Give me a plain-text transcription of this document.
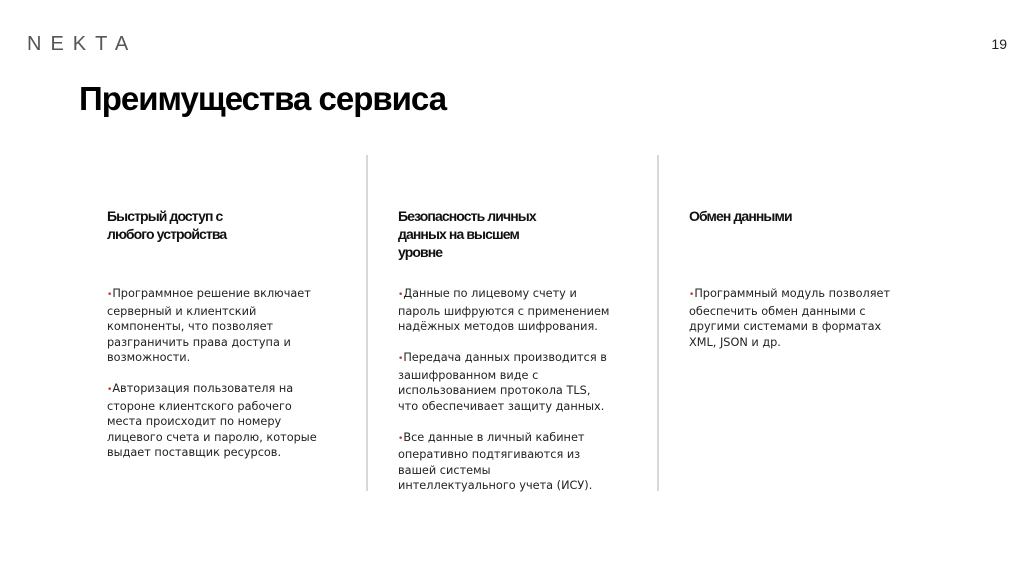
NEKTA	19
Преимущества сервиса
Быстрый доступ с
любого устройства
•Программное решение включает
серверный и клиентский
компоненты, что позволяет
разграничить права доступа и
возможности.
•Авторизация пользователя на
стороне клиентского рабочего
места происходит по номеру
лицевого счета и паролю, которые
выдает поставщик ресурсов.
Безопасность личных
данных на высшем
уровне
•Данные по лицевому счету и
пароль шифруются с применением
надёжных методов шифрования.
•Передача данных производится в
зашифрованном виде с
использованием протокола TLS,
что обеспечивает защиту данных.
•Все данные в личный кабинет
оперативно подтягиваются из
вашей системы
интеллектуального учета (ИСУ).
Обмен данными
•Программный модуль позволяет
обеспечить обмен данными с
другими системами в форматах
XML, JSON и др.
